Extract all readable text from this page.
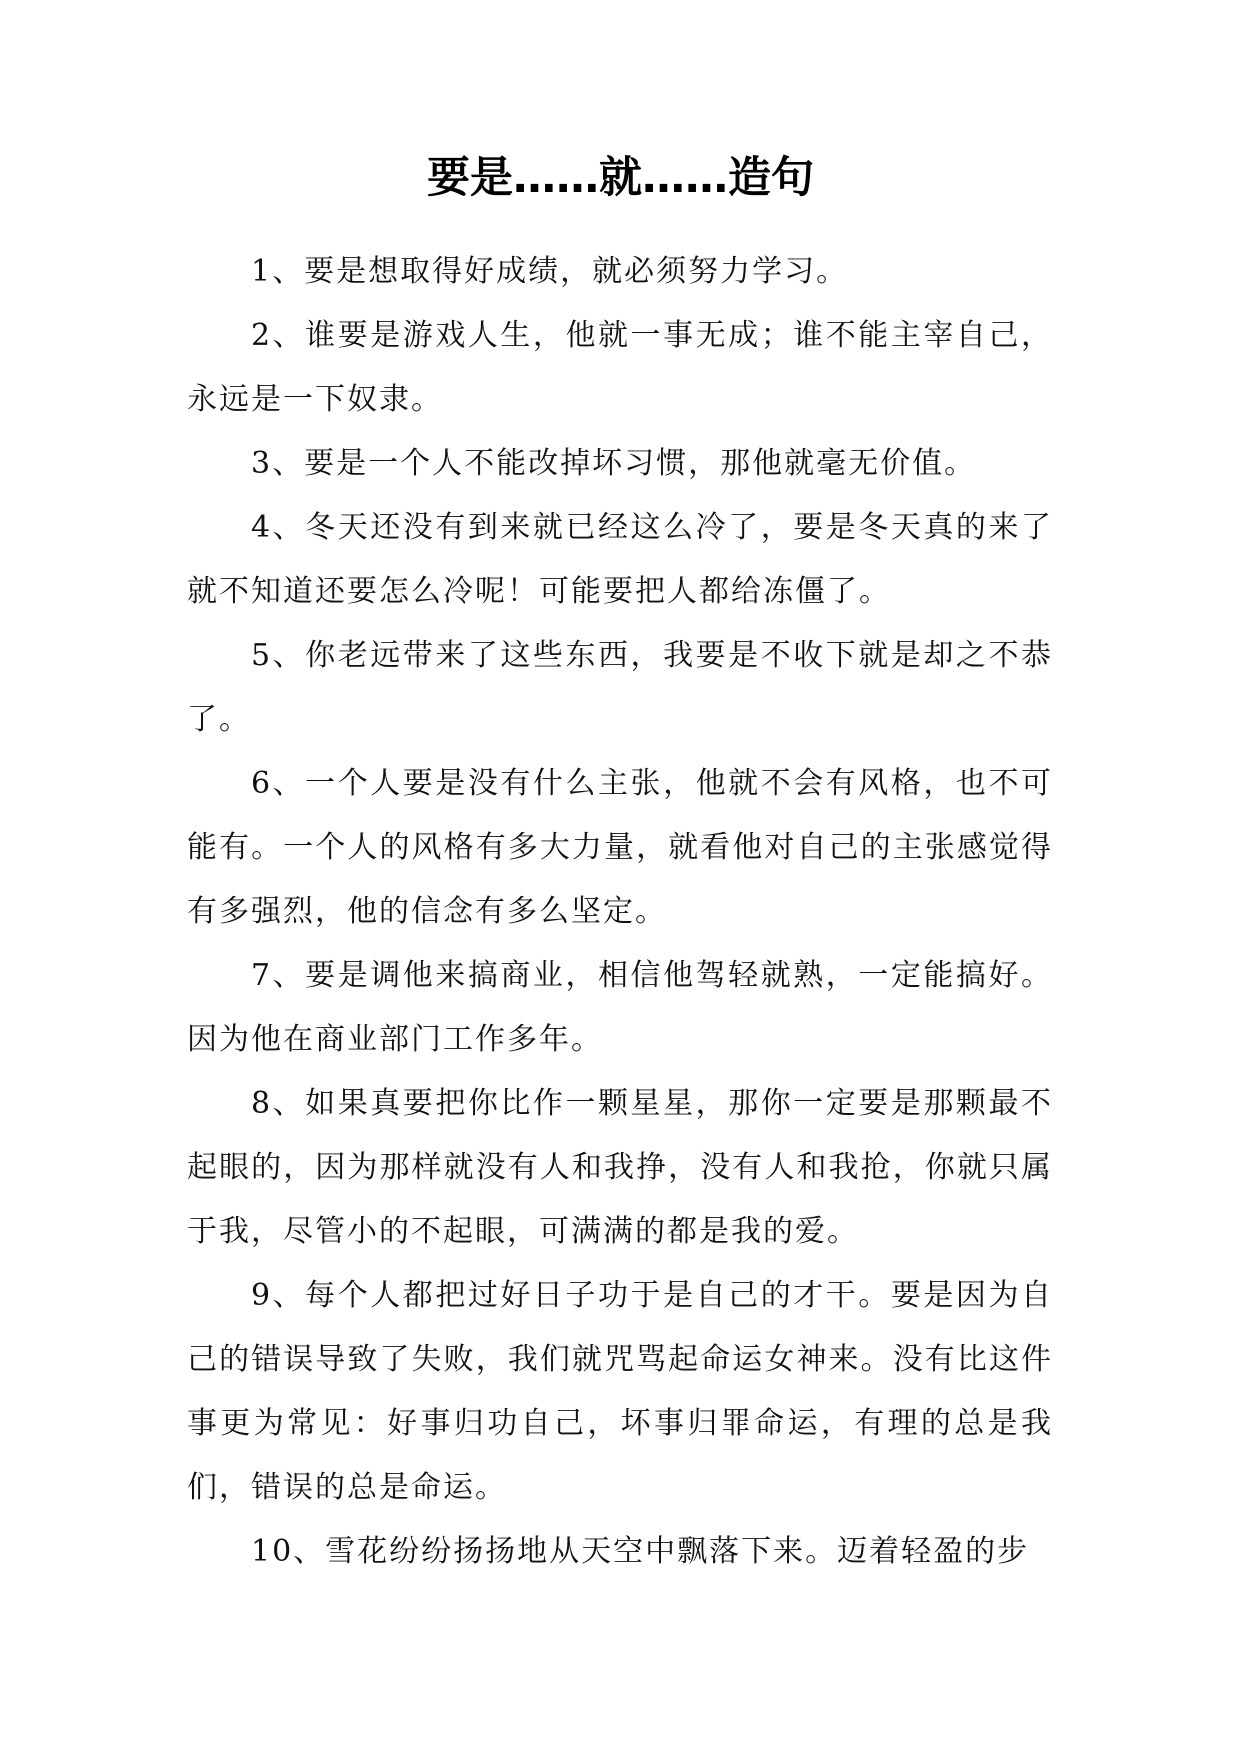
要是……就……造句

1、要是想取得好成绩，就必须努力学习。

2、谁要是游戏人生，他就一事无成；谁不能主宰自己，永远是一下奴隶。

3、要是一个人不能改掉坏习惯，那他就毫无价值。

4、冬天还没有到来就已经这么冷了，要是冬天真的来了就不知道还要怎么冷呢！可能要把人都给冻僵了。

5、你老远带来了这些东西，我要是不收下就是却之不恭了。

6、一个人要是没有什么主张，他就不会有风格，也不可能有。一个人的风格有多大力量，就看他对自己的主张感觉得有多强烈，他的信念有多么坚定。

7、要是调他来搞商业，相信他驾轻就熟，一定能搞好。因为他在商业部门工作多年。

8、如果真要把你比作一颗星星，那你一定要是那颗最不起眼的，因为那样就没有人和我挣，没有人和我抢，你就只属于我，尽管小的不起眼，可满满的都是我的爱。

9、每个人都把过好日子功于是自己的才干。要是因为自己的错误导致了失败，我们就咒骂起命运女神来。没有比这件事更为常见：好事归功自己，坏事归罪命运，有理的总是我们，错误的总是命运。

10、雪花纷纷扬扬地从天空中飘落下来。迈着轻盈的步
